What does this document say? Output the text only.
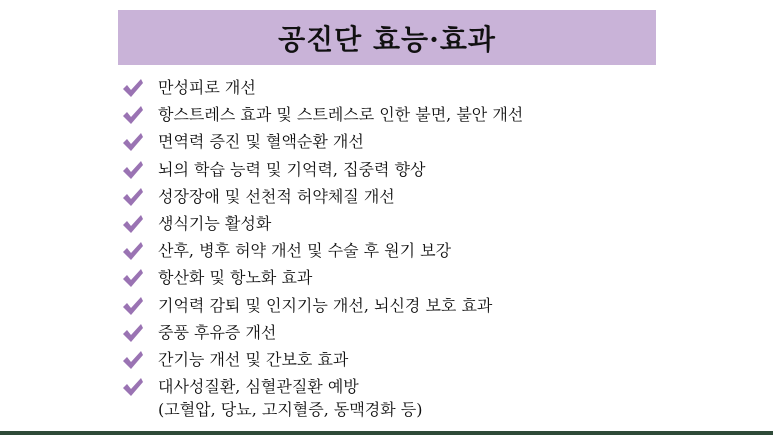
공진단 효능·효과
만성피로 개선
항스트레스 효과 및 스트레스로 인한 불면, 불안 개선
면역력 증진 및 혈액순환 개선
뇌의 학습 능력 및 기억력, 집중력 향상
성장장애 및 선천적 허약체질 개선
생식기능 활성화
산후, 병후 허약 개선 및 수술 후 원기 보강
항산화 및 항노화 효과
기억력 감퇴 및 인지기능 개선, 뇌신경 보호 효과
중풍 후유증 개선
간기능 개선 및 간보호 효과
대사성질환, 심혈관질환 예방
(고혈압, 당뇨, 고지혈증, 동맥경화 등)
